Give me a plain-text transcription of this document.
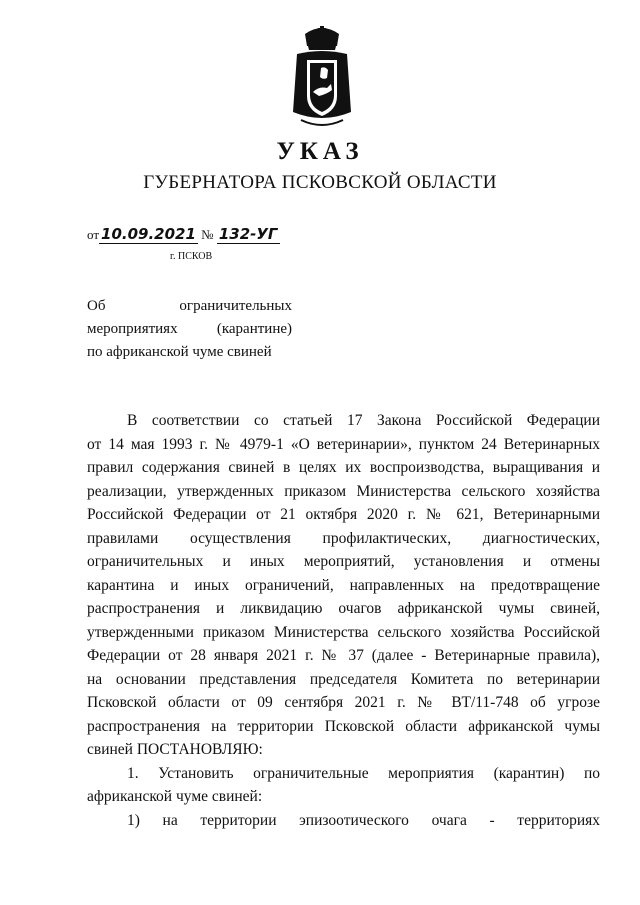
УКАЗ
ГУБЕРНАТОРА ПСКОВСКОЙ ОБЛАСТИ
от 10.09.2021 № 132-УГ
г. ПСКОВ
Об ограничительных
мероприятиях (карантине)
по африканской чуме свиней
В соответствии со статьей 17 Закона Российской Федерации
от 14 мая 1993 г. № 4979-1 «О ветеринарии», пунктом 24 Ветеринарных
правил содержания свиней в целях их воспроизводства, выращивания и
реализации, утвержденных приказом Министерства сельского хозяйства
Российской Федерации от 21 октября 2020 г. № 621, Ветеринарными
правилами осуществления профилактических, диагностических,
ограничительных и иных мероприятий, установления и отмены
карантина и иных ограничений, направленных на предотвращение
распространения и ликвидацию очагов африканской чумы свиней,
утвержденными приказом Министерства сельского хозяйства Российской
Федерации от 28 января 2021 г. № 37 (далее - Ветеринарные правила),
на основании представления председателя Комитета по ветеринарии
Псковской области от 09 сентября 2021 г. № ВТ/11-748 об угрозе
распространения на территории Псковской области африканской чумы
свиней ПОСТАНОВЛЯЮ:
1. Установить ограничительные мероприятия (карантин) по
африканской чуме свиней:
1) на территории эпизоотического очага - территориях
